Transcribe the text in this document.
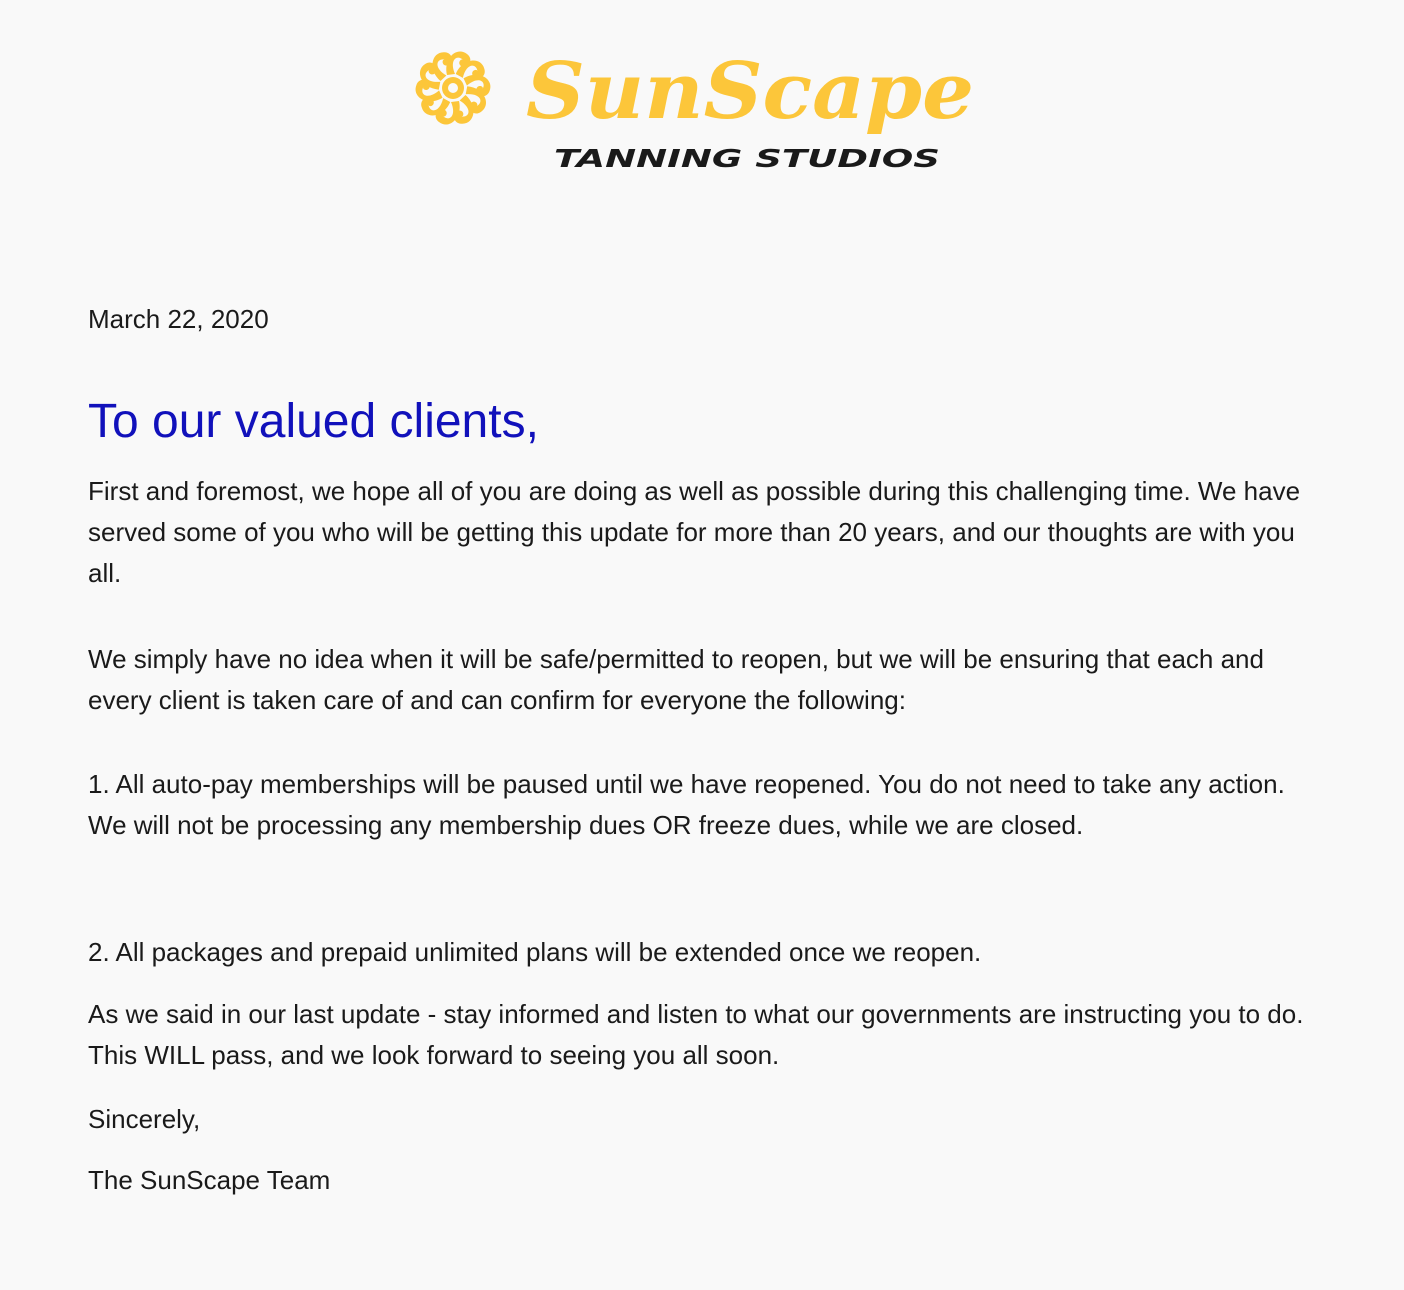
SunScape
TANNING STUDIOS
March 22, 2020
To our valued clients,

First and foremost, we hope all of you are doing as well as possible during this challenging time. We have served some of you who will be getting this update for more than 20 years, and our thoughts are with you all.

We simply have no idea when it will be safe/permitted to reopen, but we will be ensuring that each and every client is taken care of and can confirm for everyone the following:

1. All auto-pay memberships will be paused until we have reopened. You do not need to take any action. We will not be processing any membership dues OR freeze dues, while we are closed.

2. All packages and prepaid unlimited plans will be extended once we reopen.

As we said in our last update - stay informed and listen to what our governments are instructing you to do. This WILL pass, and we look forward to seeing you all soon.

Sincerely,

The SunScape Team
